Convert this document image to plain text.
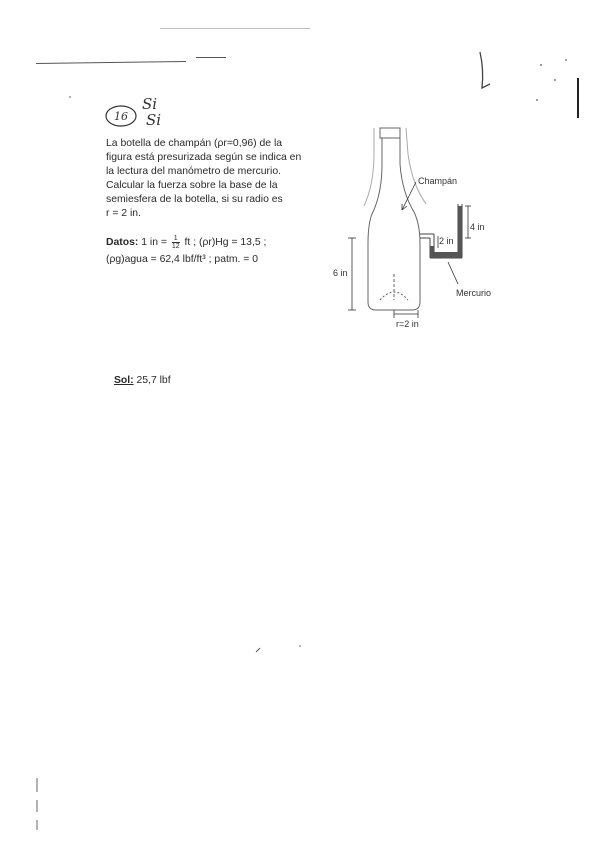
16
Si
Si
La botella de champán (ρr=0,96) de la
figura está presurizada según se indica en
la lectura del manómetro de mercurio.
Calcular la fuerza sobre la base de la
semiesfera de la botella, si su radio es
r = 2 in.
Datos: 1 in = $\frac{1}{12}$ ft ; (ρr)Hg = 13,5 ;
(ρg)agua = 62,4 lbf/ft³ ; patm. = 0
Champán
4 in
2 in
6 in
Mercurio
r=2 in
Sol: 25,7 lbf
